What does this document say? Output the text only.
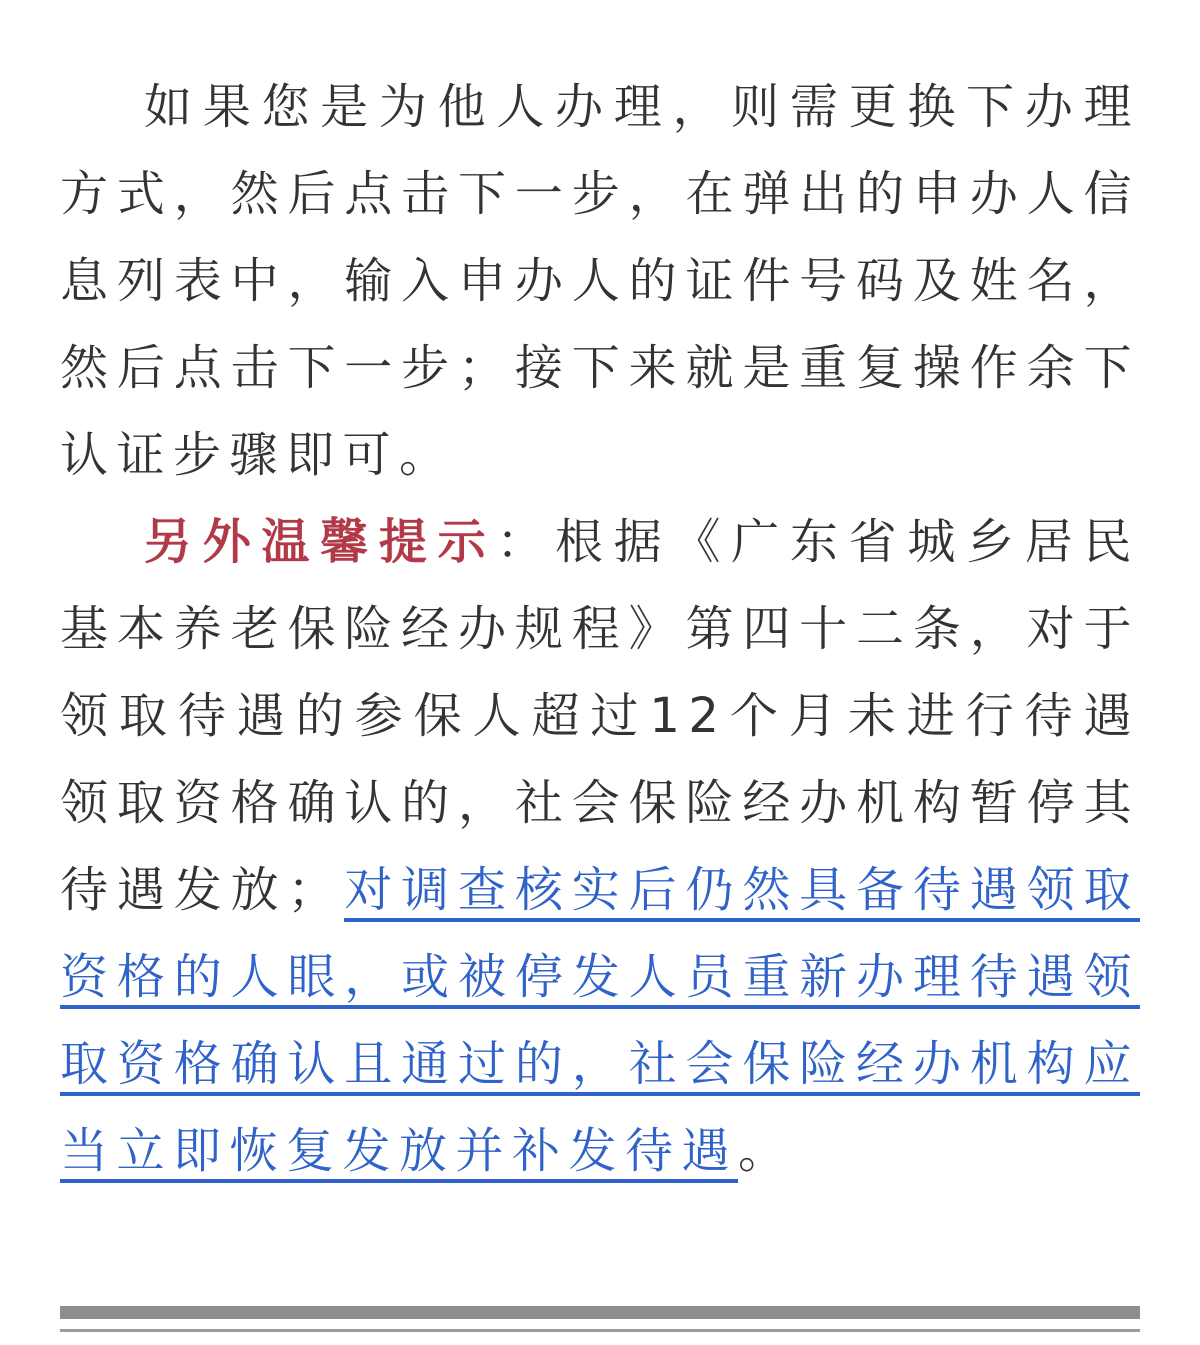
如果您是为他人办理，则需更换下办理方式，然后点击下一步，在弹出的申办人信息列表中，输入申办人的证件号码及姓名，然后点击下一步；接下来就是重复操作余下认证步骤即可。

另外温馨提示：根据《广东省城乡居民基本养老保险经办规程》第四十二条，对于领取待遇的参保人超过12个月未进行待遇领取资格确认的，社会保险经办机构暂停其待遇发放；对调查核实后仍然具备待遇领取资格的人眼，或被停发人员重新办理待遇领取资格确认且通过的，社会保险经办机构应当立即恢复发放并补发待遇。
